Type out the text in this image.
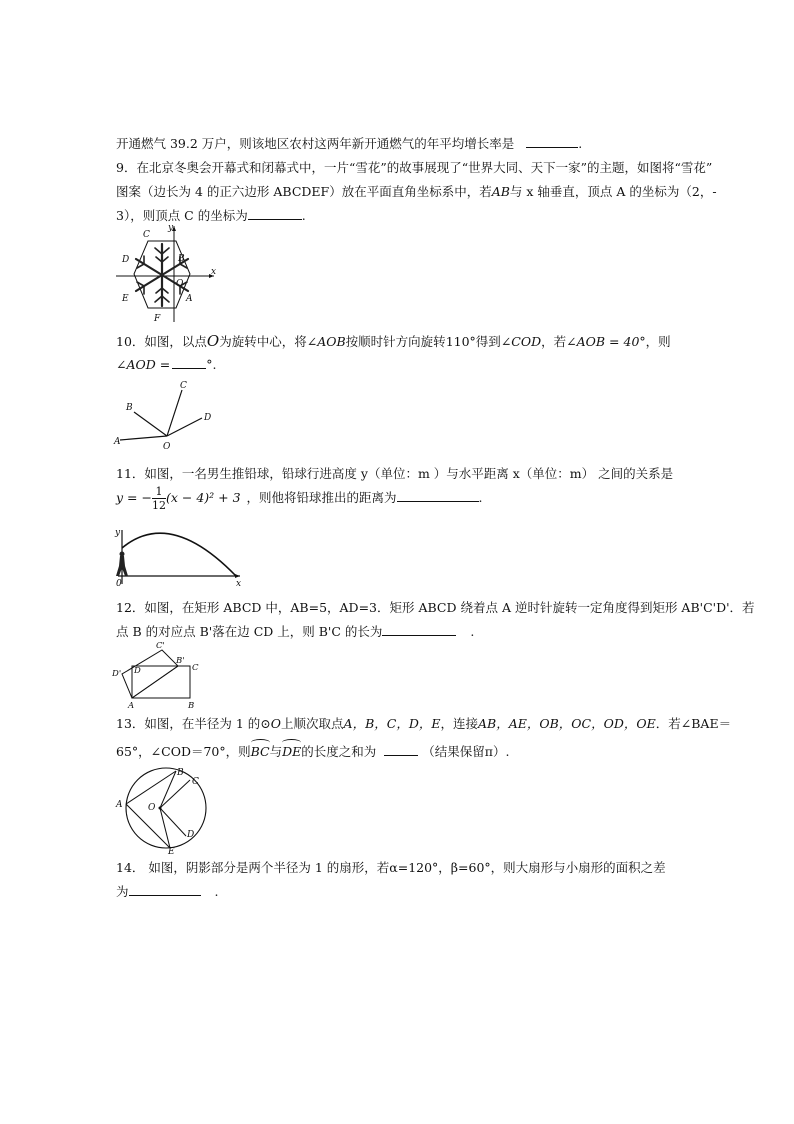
开通燃气 39.2 万户，则该地区农村这两年新开通燃气的年平均增长率是	.
9．在北京冬奥会开幕式和闭幕式中，一片“雪花”的故事展现了“世界大同、天下一家”的主题，如图将“雪花”
图案（边长为 4 的正六边形 ABCDEF）放在平面直角坐标系中，若AB与 x 轴垂直，顶点 A 的坐标为（2，-
3），则顶点 C 的坐标为	.
C
B
D
O
E	A
F
x
y
10．如图，以点O为旋转中心，将∠AOB按顺时针方向旋转110°得到∠COD，若∠AOB = 40°，则
∠AOD =	°.
A
B
C
D
O
11．如图，一名男生推铅球，铅球行进高度 y（单位：m ）与水平距离 x（单位：m） 之间的关系是
y = − $\frac{1}{12} (x - 4)^2 + 3$ ，则他将铅球推出的距离为	.
y
0	x
12．如图，在矩形 ABCD 中，AB=5，AD=3．矩形 ABCD 绕着点 A 逆时针旋转一定角度得到矩形 AB'C'D'．若
点 B 的对应点 B'落在边 CD 上，则 B'C 的长为	.
C'
D' D
B'
C
A	B
13．如图，在半径为 1 的⊙O上顺次取点A，B，C，D，E，连接AB，AE，OB，OC，OD，OE．若∠BAE＝
65°，∠COD＝70°，则BC与DE的长度之和为	（结果保留π）.
A
B
C
O
D
E
14． 如图，阴影部分是两个半径为 1 的扇形，若α=120°，β=60°，则大扇形与小扇形的面积之差
为	.
